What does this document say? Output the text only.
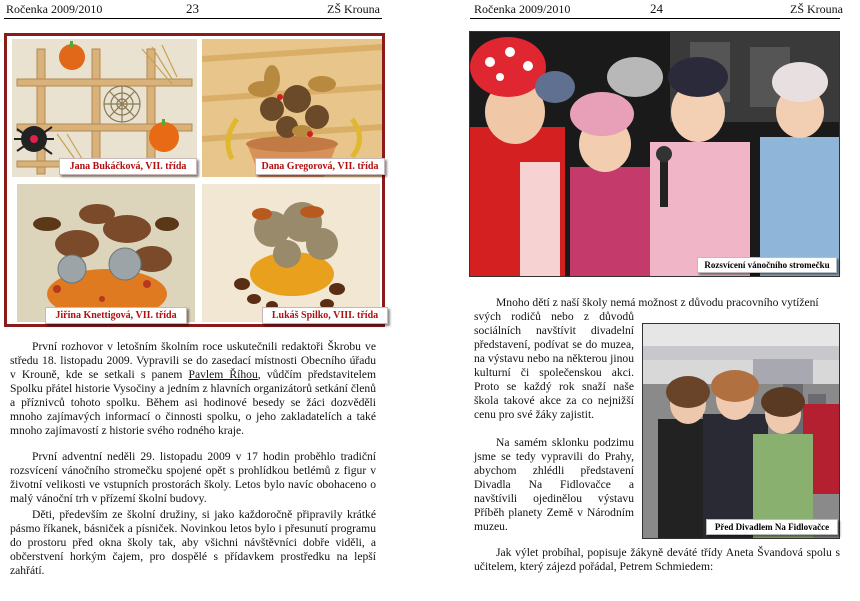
Ročenka 2009/2010	23	ZŠ Krouna
Jana Bukáčková, VII. třída	Dana Gregorová, VII. třída
Jiřina Knettigová, VII. třída	Lukáš Spilko, VIII. třída

První rozhovor v letošním školním roce uskutečnili redaktoři Škrobu ve středu 18. listopadu 2009. Vypravili se do zasedací místnosti Obecního úřadu v Krouně, kde se setkali s panem Pavlem Říhou, vůdčím představitelem Spolku přátel historie Vysočiny a jedním z hlavních organizátorů setkání členů a příznivců tohoto spolku. Během asi hodinové besedy se žáci dozvěděli mnoho zajímavých informací o činnosti spolku, o jeho zakladatelích a také mnoho zajímavostí z historie svého rodného kraje.

První adventní neděli 29. listopadu 2009 v 17 hodin proběhlo tradiční rozsvícení vánočního stromečku spojené opět s prohlídkou betlémů z figur v životní velikosti ve vstupních prostorách školy. Letos bylo navíc obohaceno o malý vánoční trh v přízemí školní budovy.

Děti, především ze školní družiny, si jako každoročně připravily krátké pásmo říkanek, básniček a písniček. Novinkou letos bylo i přesunutí programu do prostoru před okna školy tak, aby všichni návštěvníci dobře viděli, a občerstvení horkým čajem, pro dospělé s přídavkem prostředku na lepší zahřátí.

Ročenka 2009/2010	24	ZŠ Krouna
Rozsvícení vánočního stromečku

Mnoho dětí z naší školy nemá možnost z důvodu pracovního vytížení

svých rodičů nebo z důvodů sociálních navštívit divadelní představení, podívat se do muzea, na výstavu nebo na některou jinou kulturní či společenskou akci. Proto se každý rok snaží naše škola takové akce za co nejnižší cenu pro své žáky zajistit.

Na samém sklonku podzimu jsme se tedy vypravili do Prahy, abychom zhlédli představení Divadla Na Fidlovačce a navštívili ojedinělou výstavu Příběh planety Země v Národním muzeu.	Před Divadlem Na Fidlovačce

Jak výlet probíhal, popisuje žákyně deváté třídy Aneta Švandová spolu s učitelem, který zájezd pořádal, Petrem Schmiedem:
